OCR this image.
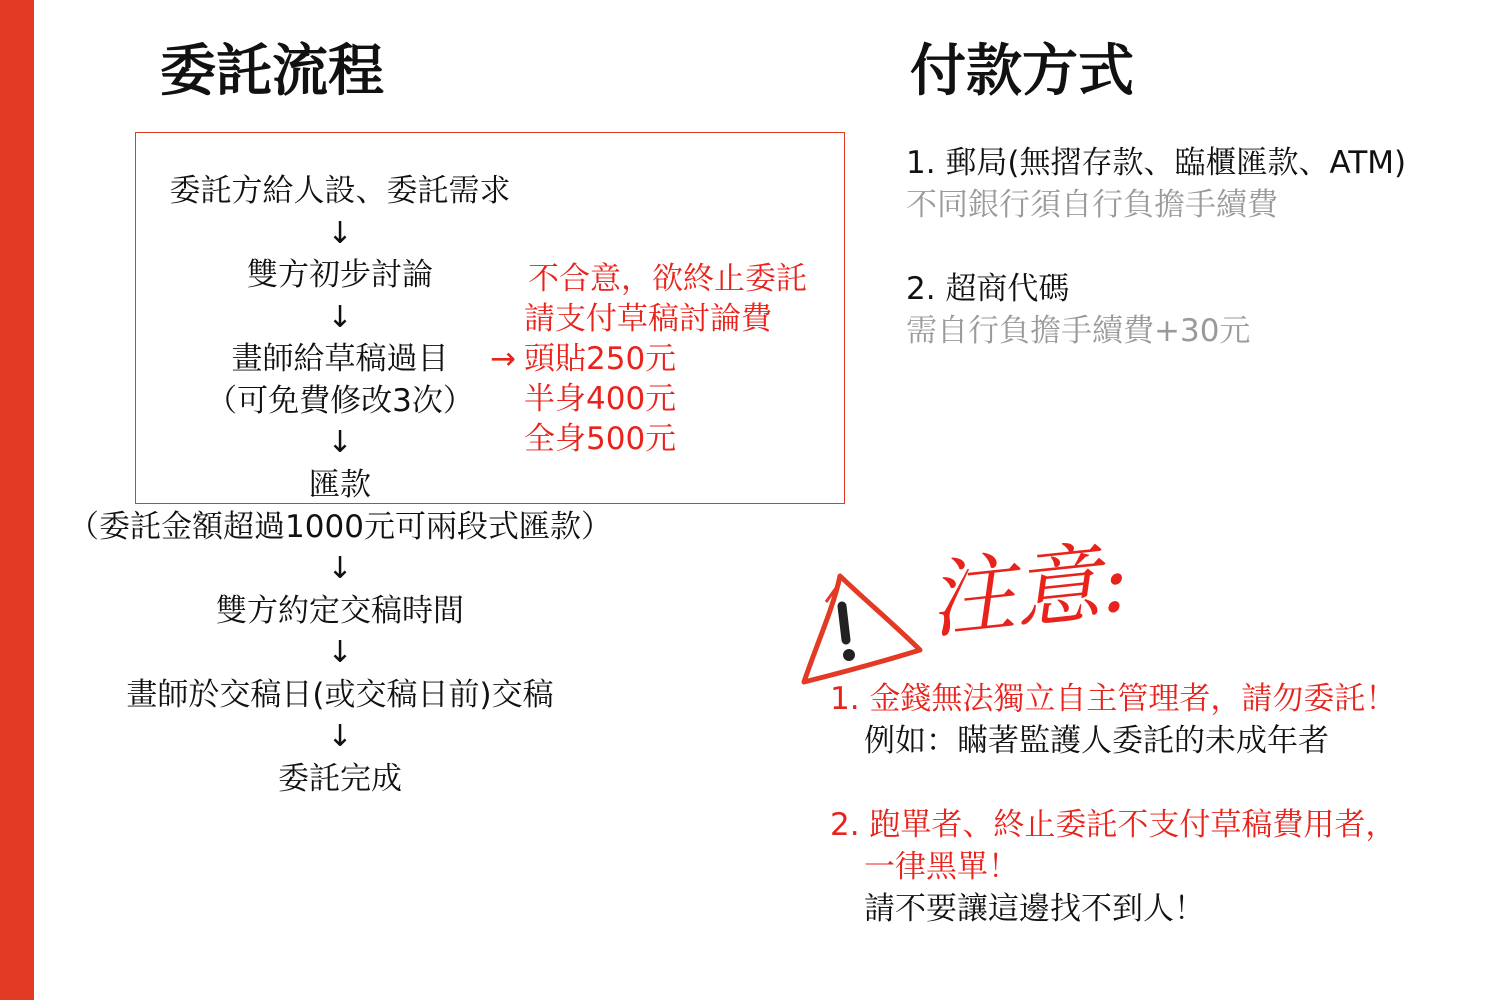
委託流程	付款方式
委託方給人設、委託需求
↓
雙方初步討論
↓
畫師給草稿過目
（可免費修改3次）
↓
匯款
（委託金額超過1000元可兩段式匯款）
↓
雙方約定交稿時間
↓
畫師於交稿日(或交稿日前)交稿
↓
委託完成
不合意，欲終止委託
請支付草稿討論費
→ 頭貼250元
半身400元
全身500元
1. 郵局(無摺存款、臨櫃匯款、ATM)
不同銀行須自行負擔手續費
2. 超商代碼
需自行負擔手續費+30元
注意:
1. 金錢無法獨立自主管理者，請勿委託！
例如：瞞著監護人委託的未成年者
2. 跑單者、終止委託不支付草稿費用者，
一律黑單！
請不要讓這邊找不到人！
